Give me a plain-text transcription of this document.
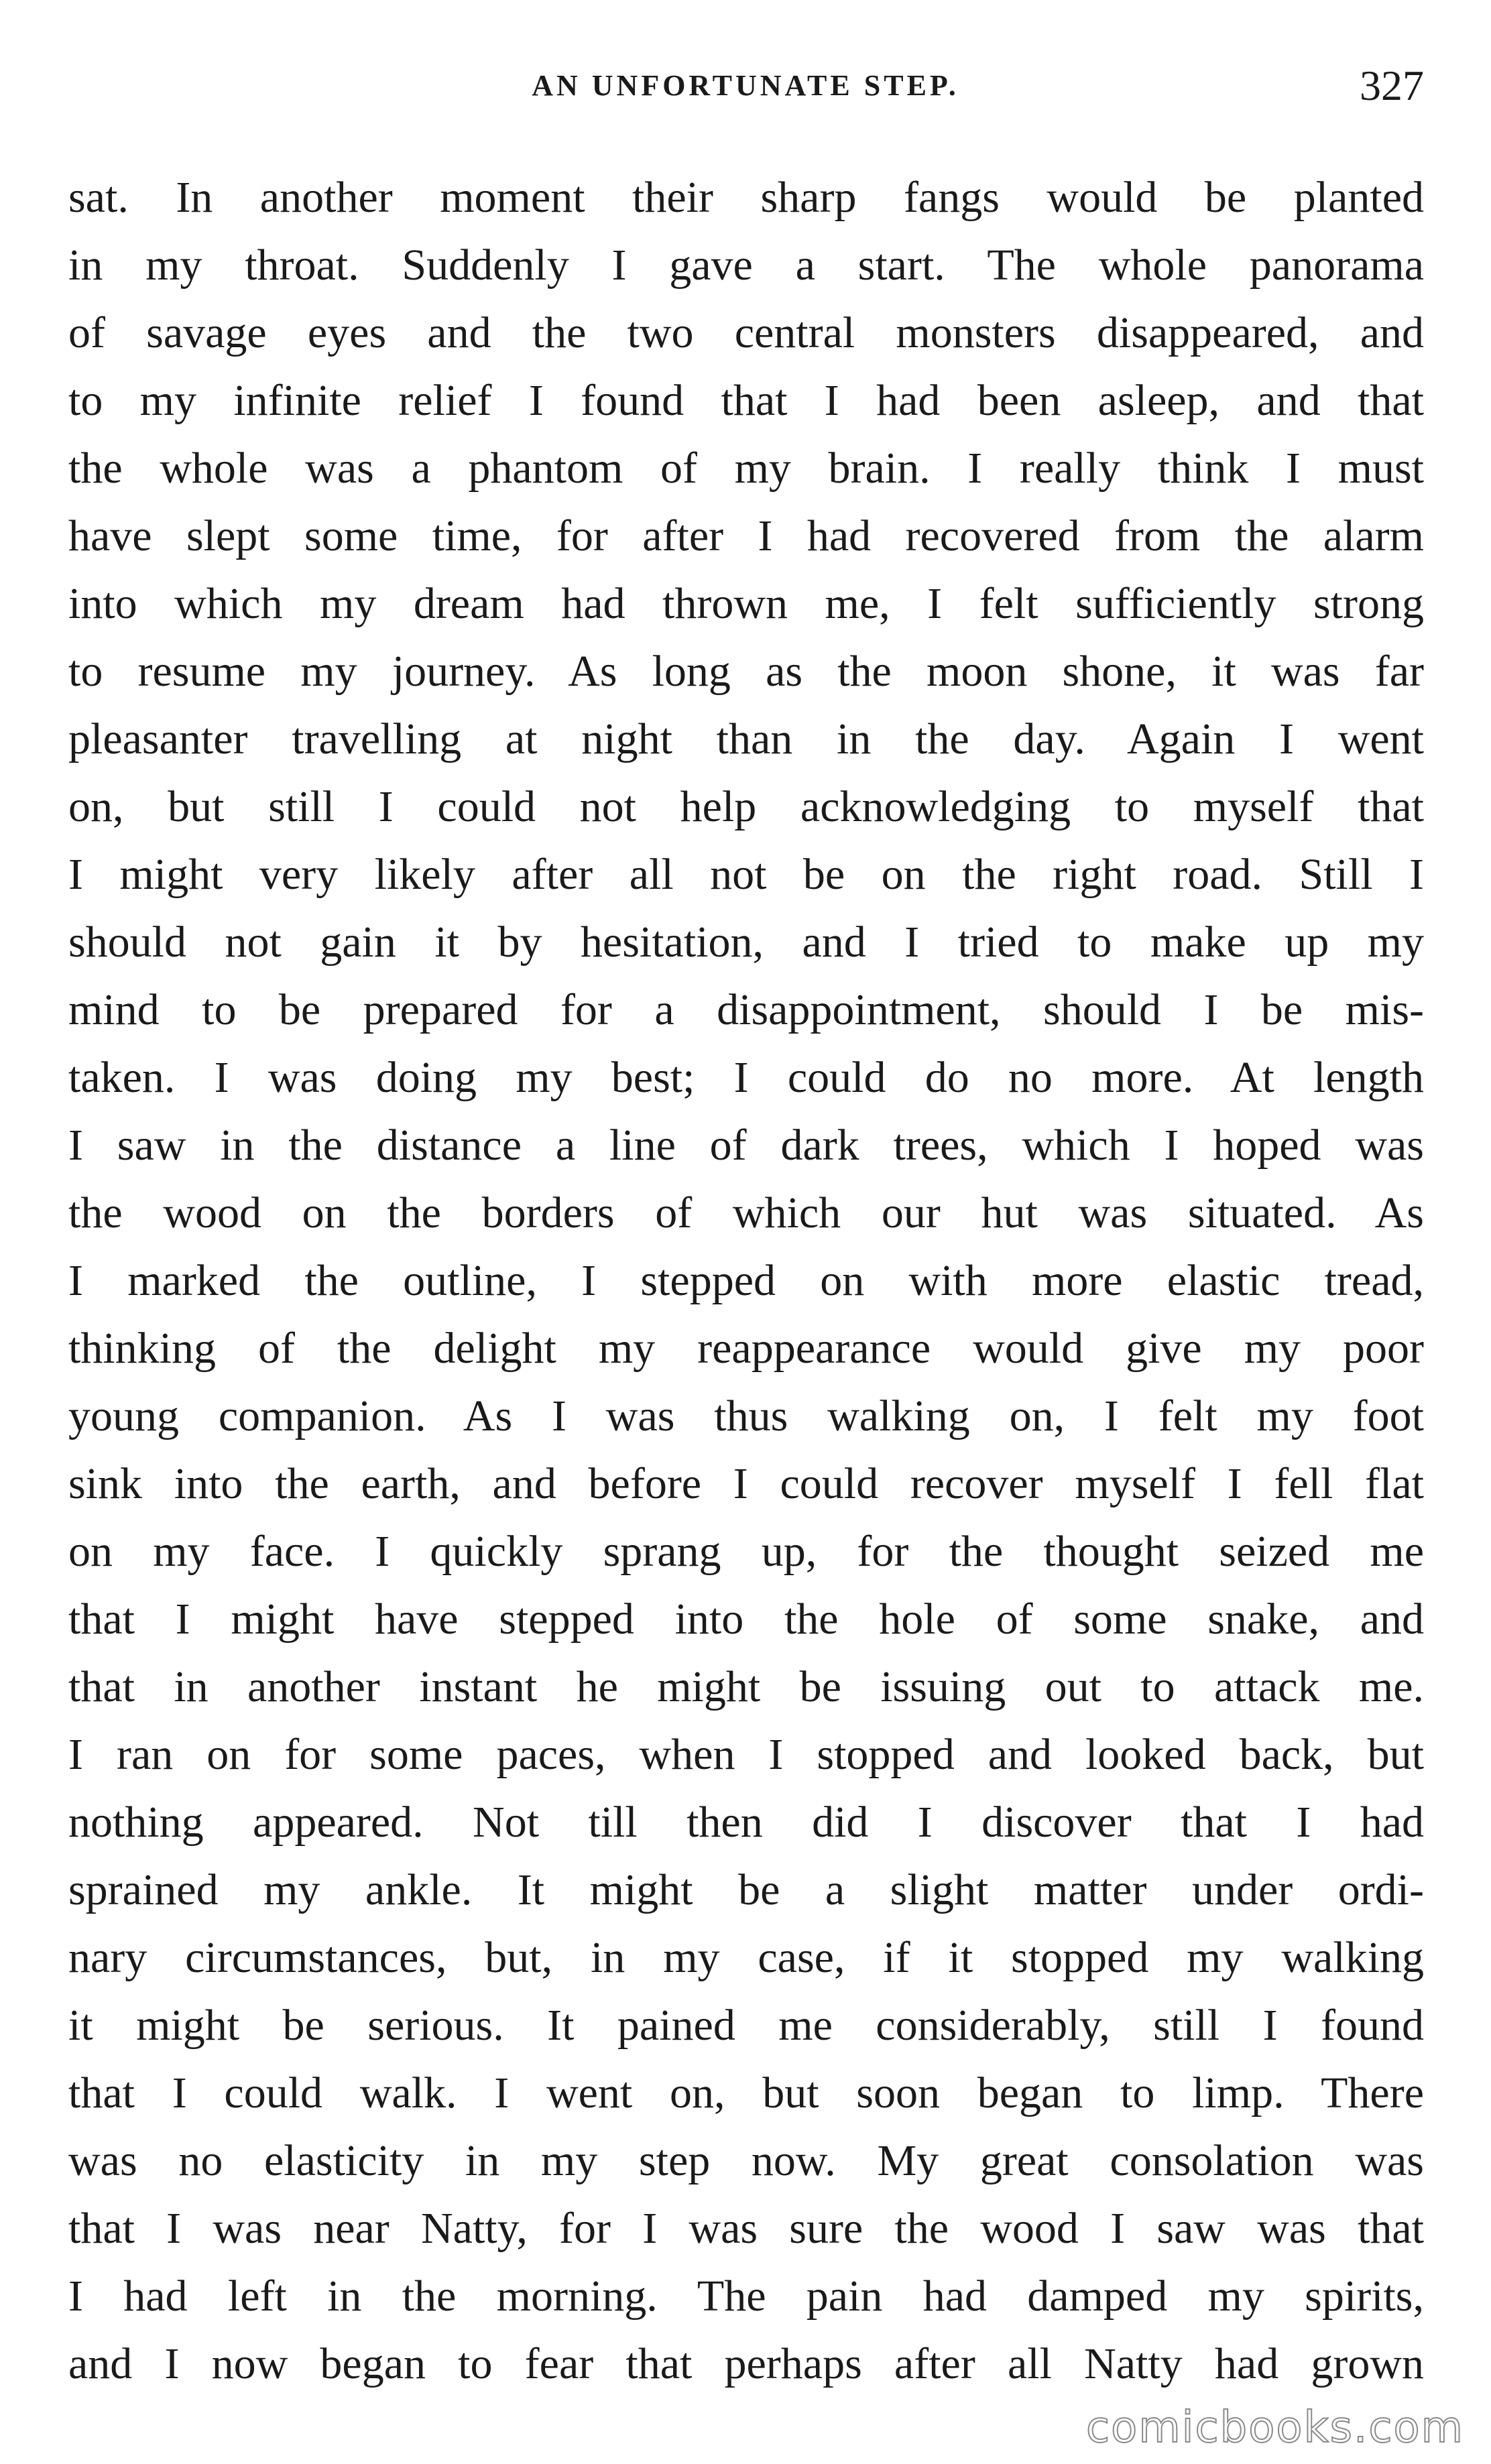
AN UNFORTUNATE STEP.	327
sat. In another moment their sharp fangs would be planted
in my throat. Suddenly I gave a start. The whole panorama
of savage eyes and the two central monsters disappeared, and
to my infinite relief I found that I had been asleep, and that
the whole was a phantom of my brain. I really think I must
have slept some time, for after I had recovered from the alarm
into which my dream had thrown me, I felt sufficiently strong
to resume my journey. As long as the moon shone, it was far
pleasanter travelling at night than in the day. Again I went
on, but still I could not help acknowledging to myself that
I might very likely after all not be on the right road. Still I
should not gain it by hesitation, and I tried to make up my
mind to be prepared for a disappointment, should I be mis-
taken. I was doing my best; I could do no more. At length
I saw in the distance a line of dark trees, which I hoped was
the wood on the borders of which our hut was situated. As
I marked the outline, I stepped on with more elastic tread,
thinking of the delight my reappearance would give my poor
young companion. As I was thus walking on, I felt my foot
sink into the earth, and before I could recover myself I fell flat
on my face. I quickly sprang up, for the thought seized me
that I might have stepped into the hole of some snake, and
that in another instant he might be issuing out to attack me.
I ran on for some paces, when I stopped and looked back, but
nothing appeared. Not till then did I discover that I had
sprained my ankle. It might be a slight matter under ordi-
nary circumstances, but, in my case, if it stopped my walking
it might be serious. It pained me considerably, still I found
that I could walk. I went on, but soon began to limp. There
was no elasticity in my step now. My great consolation was
that I was near Natty, for I was sure the wood I saw was that
I had left in the morning. The pain had damped my spirits,
and I now began to fear that perhaps after all Natty had grown
comicbooks.com
